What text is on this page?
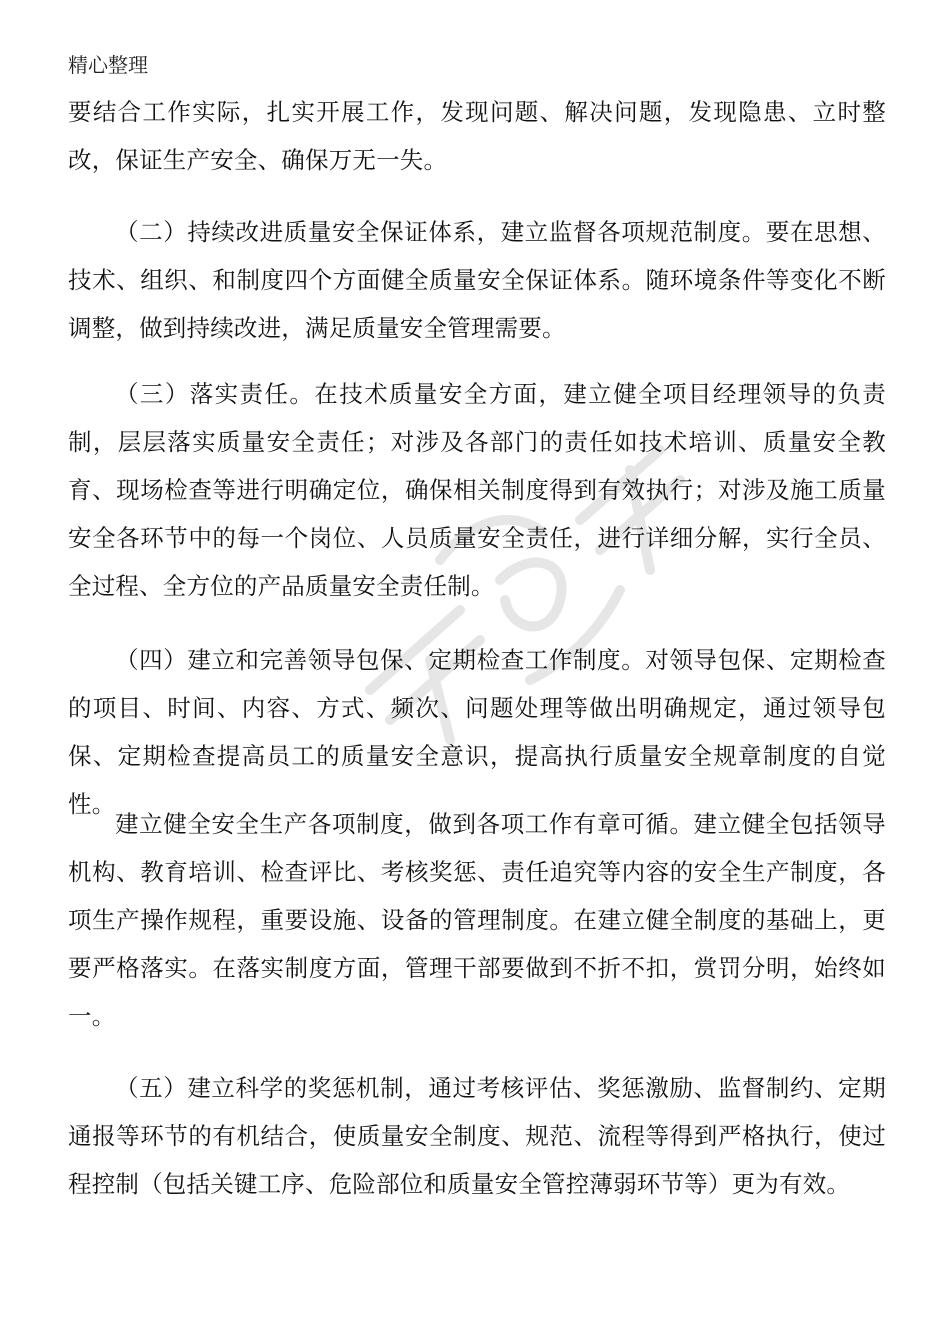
精心整理

要结合工作实际，扎实开展工作，发现问题、解决问题，发现隐患、立时整改，保证生产安全、确保万无一失。

（二）持续改进质量安全保证体系，建立监督各项规范制度。要在思想、技术、组织、和制度四个方面健全质量安全保证体系。随环境条件等变化不断调整，做到持续改进，满足质量安全管理需要。

（三）落实责任。在技术质量安全方面，建立健全项目经理领导的负责制，层层落实质量安全责任；对涉及各部门的责任如技术培训、质量安全教育、现场检查等进行明确定位，确保相关制度得到有效执行；对涉及施工质量安全各环节中的每一个岗位、人员质量安全责任，进行详细分解，实行全员、全过程、全方位的产品质量安全责任制。

（四）建立和完善领导包保、定期检查工作制度。对领导包保、定期检查的项目、时间、内容、方式、频次、问题处理等做出明确规定，通过领导包保、定期检查提高员工的质量安全意识，提高执行质量安全规章制度的自觉性。

建立健全安全生产各项制度，做到各项工作有章可循。建立健全包括领导机构、教育培训、检查评比、考核奖惩、责任追究等内容的安全生产制度，各项生产操作规程，重要设施、设备的管理制度。在建立健全制度的基础上，更要严格落实。在落实制度方面，管理干部要做到不折不扣，赏罚分明，始终如一。

（五）建立科学的奖惩机制，通过考核评估、奖惩激励、监督制约、定期通报等环节的有机结合，使质量安全制度、规范、流程等得到严格执行，使过程控制（包括关键工序、危险部位和质量安全管控薄弱环节等）更为有效。
